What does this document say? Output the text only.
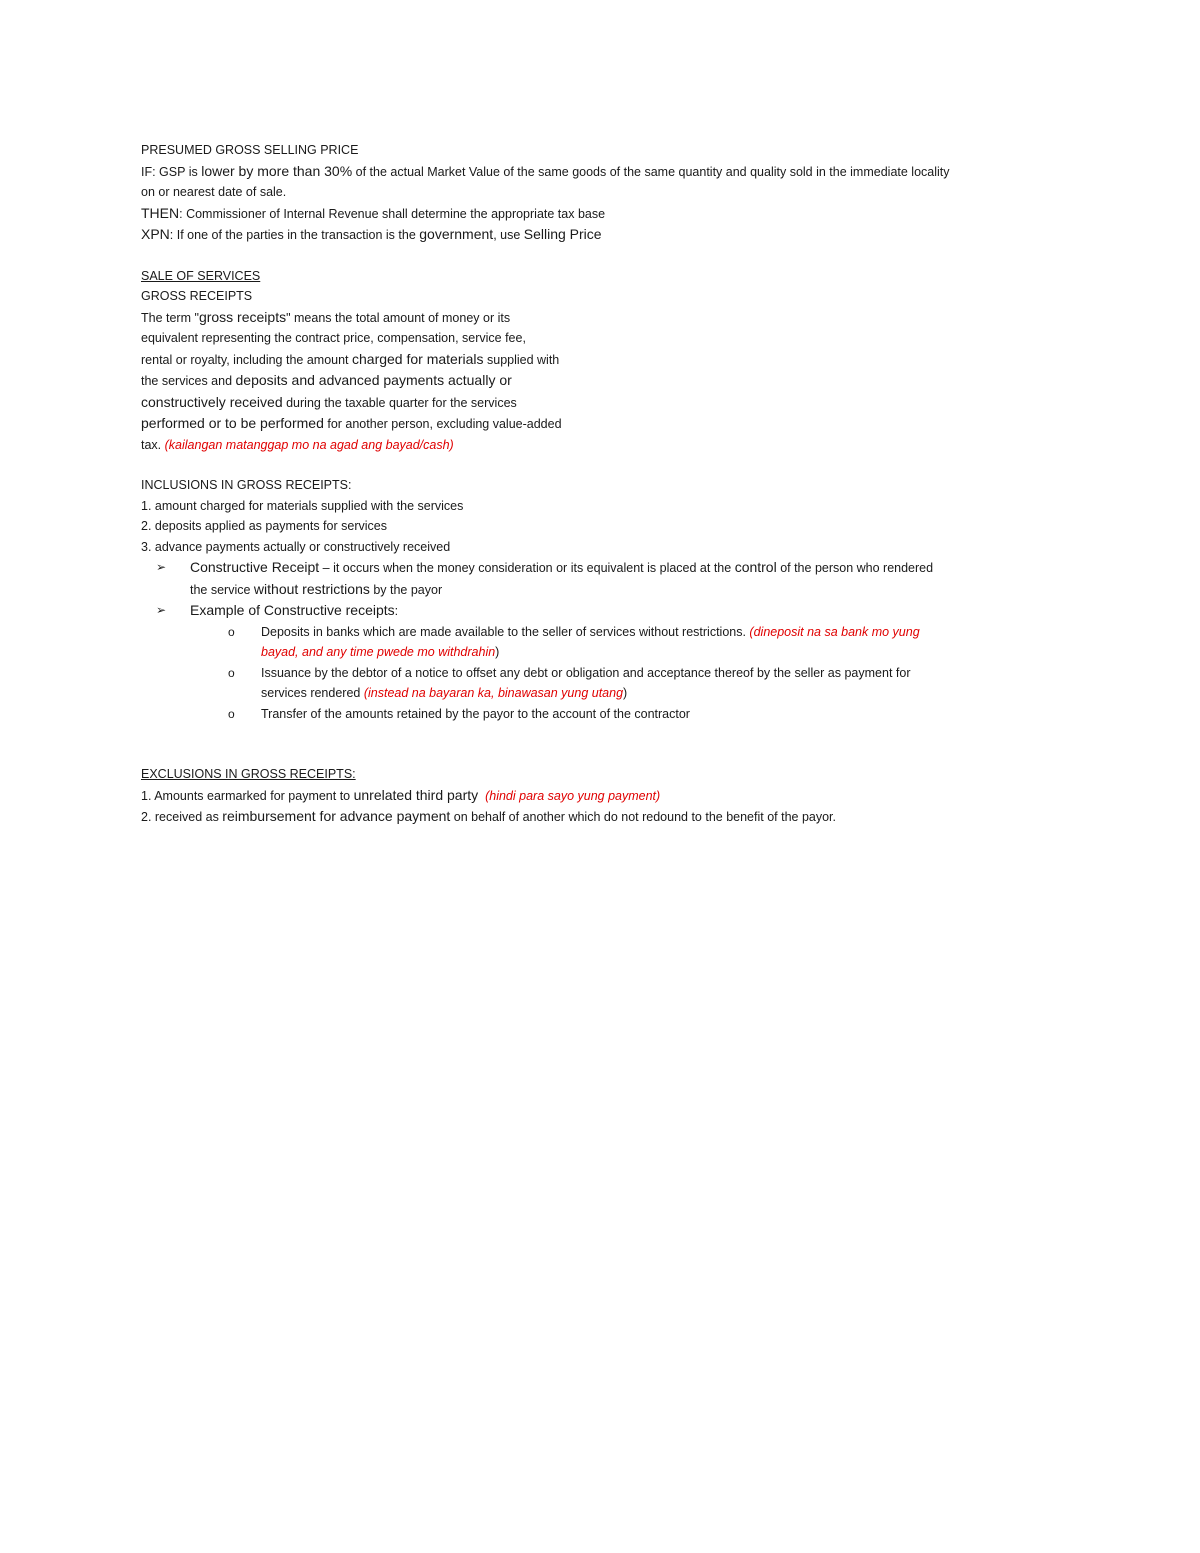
PRESUMED GROSS SELLING PRICE
IF: GSP is lower by more than 30% of the actual Market Value of the same goods of the same quantity and quality sold in the immediate locality
on or nearest date of sale.
THEN: Commissioner of Internal Revenue shall determine the appropriate tax base
XPN: If one of the parties in the transaction is the government, use Selling Price
SALE OF SERVICES
GROSS RECEIPTS
The term "gross receipts" means the total amount of money or its
equivalent representing the contract price, compensation, service fee,
rental or royalty, including the amount charged for materials supplied with
the services and deposits and advanced payments actually or
constructively received during the taxable quarter for the services
performed or to be performed for another person, excluding value-added
tax. (kailangan matanggap mo na agad ang bayad/cash)
INCLUSIONS IN GROSS RECEIPTS:
1. amount charged for materials supplied with the services
2. deposits applied as payments for services
3. advance payments actually or constructively received
➢ Constructive Receipt – it occurs when the money consideration or its equivalent is placed at the control of the person who rendered
the service without restrictions by the payor
➢ Example of Constructive receipts:
o Deposits in banks which are made available to the seller of services without restrictions. (dineposit na sa bank mo yung
bayad, and any time pwede mo withdrahin)
o Issuance by the debtor of a notice to offset any debt or obligation and acceptance thereof by the seller as payment for
services rendered (instead na bayaran ka, binawasan yung utang)
o Transfer of the amounts retained by the payor to the account of the contractor
EXCLUSIONS IN GROSS RECEIPTS:
1. Amounts earmarked for payment to unrelated third party (hindi para sayo yung payment)
2. received as reimbursement for advance payment on behalf of another which do not redound to the benefit of the payor.
